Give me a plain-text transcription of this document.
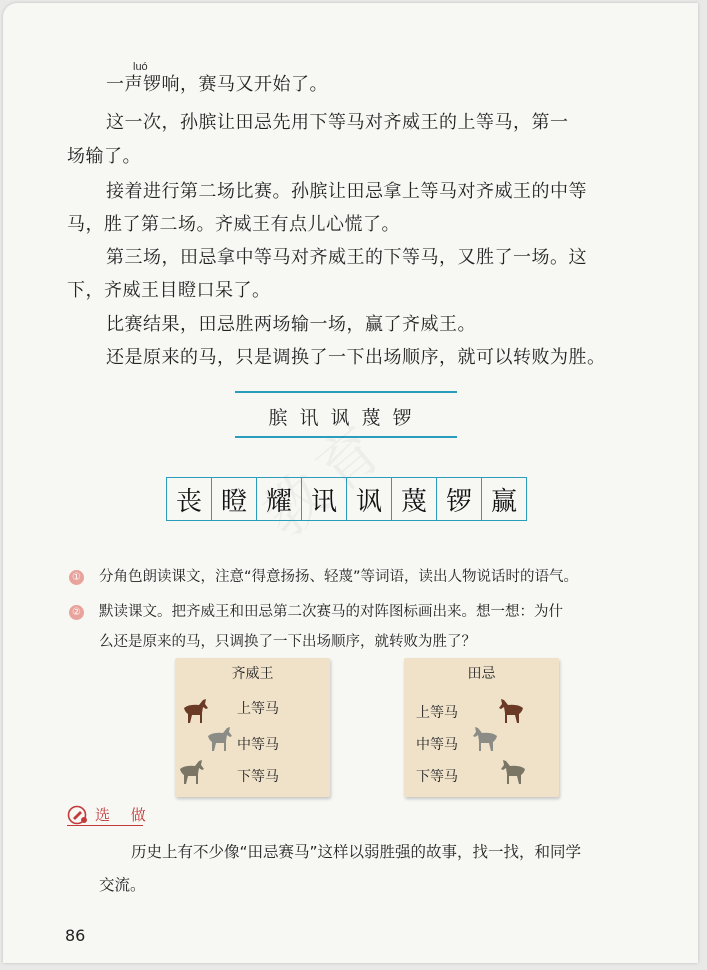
luó
一声锣响，赛马又开始了。
这一次，孙膑让田忌先用下等马对齐威王的上等马，第一
场输了。
接着进行第二场比赛。孙膑让田忌拿上等马对齐威王的中等
马，胜了第二场。齐威王有点儿心慌了。
第三场，田忌拿中等马对齐威王的下等马，又胜了一场。这
下，齐威王目瞪口呆了。
比赛结果，田忌胜两场输一场，赢了齐威王。
还是原来的马，只是调换了一下出场顺序，就可以转败为胜。
膑讯讽蔑锣
丧 瞪 耀 讯 讽 蔑 锣 赢
① 分角色朗读课文，注意“得意扬扬、轻蔑”等词语，读出人物说话时的语气。
② 默读课文。把齐威王和田忌第二次赛马的对阵图标画出来。想一想：为什
么还是原来的马，只调换了一下出场顺序，就转败为胜了？
齐威王
上等马
中等马
下等马
田忌
上等马
中等马
下等马
选 做
历史上有不少像“田忌赛马”这样以弱胜强的故事，找一找，和同学
交流。
86
